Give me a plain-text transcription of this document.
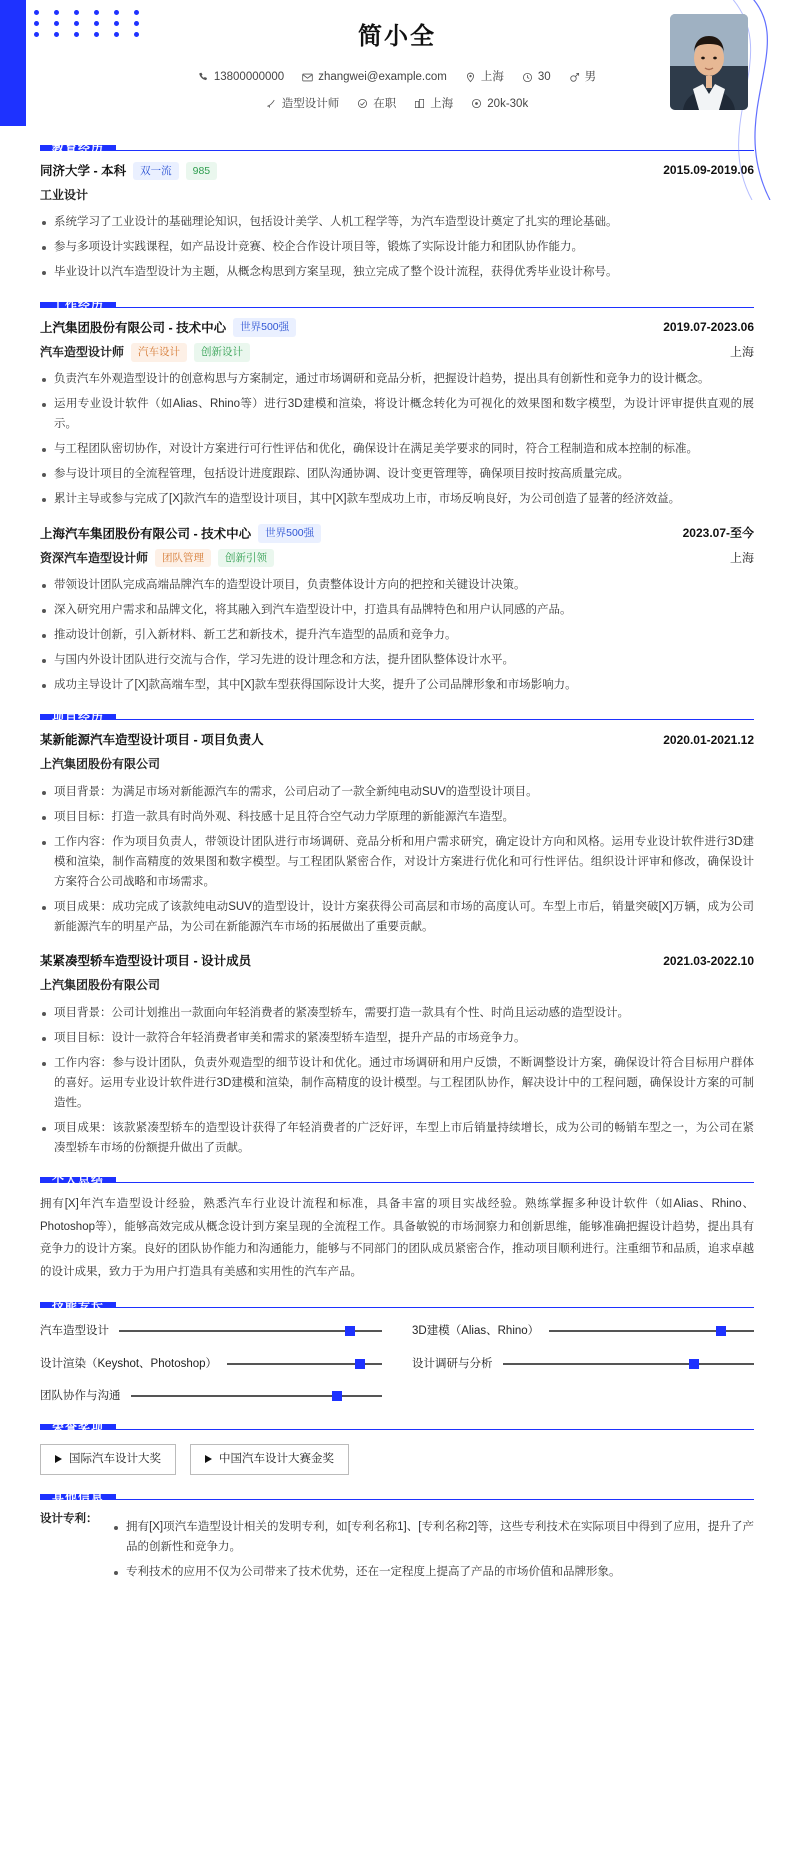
简小全
13800000000	zhangwei@example.com	上海	30	男
造型设计师	在职	上海	20k-30k
教育经历
同济大学 - 本科	双一流	985	2015.09-2019.06
工业设计
系统学习了工业设计的基础理论知识，包括设计美学、人机工程学等，为汽车造型设计奠定了扎实的理论基础。
参与多项设计实践课程，如产品设计竞赛、校企合作设计项目等，锻炼了实际设计能力和团队协作能力。
毕业设计以汽车造型设计为主题，从概念构思到方案呈现，独立完成了整个设计流程，获得优秀毕业设计称号。
工作经历
上汽集团股份有限公司 - 技术中心	世界500强	2019.07-2023.06
汽车造型设计师	汽车设计	创新设计	上海
负责汽车外观造型设计的创意构思与方案制定，通过市场调研和竞品分析，把握设计趋势，提出具有创新性和竞争力的设计概念。
运用专业设计软件（如Alias、Rhino等）进行3D建模和渲染，将设计概念转化为可视化的效果图和数字模型，为设计评审提供直观的展示。
与工程团队密切协作，对设计方案进行可行性评估和优化，确保设计在满足美学要求的同时，符合工程制造和成本控制的标准。
参与设计项目的全流程管理，包括设计进度跟踪、团队沟通协调、设计变更管理等，确保项目按时按高质量完成。
累计主导或参与完成了[X]款汽车的造型设计项目，其中[X]款车型成功上市，市场反响良好，为公司创造了显著的经济效益。
上海汽车集团股份有限公司 - 技术中心	世界500强	2023.07-至今
资深汽车造型设计师	团队管理	创新引领	上海
带领设计团队完成高端品牌汽车的造型设计项目，负责整体设计方向的把控和关键设计决策。
深入研究用户需求和品牌文化，将其融入到汽车造型设计中，打造具有品牌特色和用户认同感的产品。
推动设计创新，引入新材料、新工艺和新技术，提升汽车造型的品质和竞争力。
与国内外设计团队进行交流与合作，学习先进的设计理念和方法，提升团队整体设计水平。
成功主导设计了[X]款高端车型，其中[X]款车型获得国际设计大奖，提升了公司品牌形象和市场影响力。
项目经历
某新能源汽车造型设计项目 - 项目负责人	2020.01-2021.12
上汽集团股份有限公司
项目背景：为满足市场对新能源汽车的需求，公司启动了一款全新纯电动SUV的造型设计项目。
项目目标：打造一款具有时尚外观、科技感十足且符合空气动力学原理的新能源汽车造型。
工作内容：作为项目负责人，带领设计团队进行市场调研、竞品分析和用户需求研究，确定设计方向和风格。运用专业设计软件进行3D建模和渲染，制作高精度的效果图和数字模型。与工程团队紧密合作，对设计方案进行优化和可行性评估。组织设计评审和修改，确保设计方案符合公司战略和市场需求。
项目成果：成功完成了该款纯电动SUV的造型设计，设计方案获得公司高层和市场的高度认可。车型上市后，销量突破[X]万辆，成为公司新能源汽车的明星产品，为公司在新能源汽车市场的拓展做出了重要贡献。
某紧凑型轿车造型设计项目 - 设计成员	2021.03-2022.10
上汽集团股份有限公司
项目背景：公司计划推出一款面向年轻消费者的紧凑型轿车，需要打造一款具有个性、时尚且运动感的造型设计。
项目目标：设计一款符合年轻消费者审美和需求的紧凑型轿车造型，提升产品的市场竞争力。
工作内容：参与设计团队，负责外观造型的细节设计和优化。通过市场调研和用户反馈，不断调整设计方案，确保设计符合目标用户群体的喜好。运用专业设计软件进行3D建模和渲染，制作高精度的设计模型。与工程团队协作，解决设计中的工程问题，确保设计方案的可制造性。
项目成果：该款紧凑型轿车的造型设计获得了年轻消费者的广泛好评，车型上市后销量持续增长，成为公司的畅销车型之一，为公司在紧凑型轿车市场的份额提升做出了贡献。
个人总结
拥有[X]年汽车造型设计经验，熟悉汽车行业设计流程和标准，具备丰富的项目实战经验。熟练掌握多种设计软件（如Alias、Rhino、Photoshop等），能够高效完成从概念设计到方案呈现的全流程工作。具备敏锐的市场洞察力和创新思维，能够准确把握设计趋势，提出具有竞争力的设计方案。良好的团队协作能力和沟通能力，能够与不同部门的团队成员紧密合作，推动项目顺利进行。注重细节和品质，追求卓越的设计成果，致力于为用户打造具有美感和实用性的汽车产品。
技能专长
汽车造型设计	3D建模（Alias、Rhino）
设计渲染（Keyshot、Photoshop）	设计调研与分析
团队协作与沟通
荣誉奖项
国际汽车设计大奖	中国汽车设计大赛金奖
其他信息
设计专利：
拥有[X]项汽车造型设计相关的发明专利，如[专利名称1]、[专利名称2]等，这些专利技术在实际项目中得到了应用，提升了产品的创新性和竞争力。
专利技术的应用不仅为公司带来了技术优势，还在一定程度上提高了产品的市场价值和品牌形象。
